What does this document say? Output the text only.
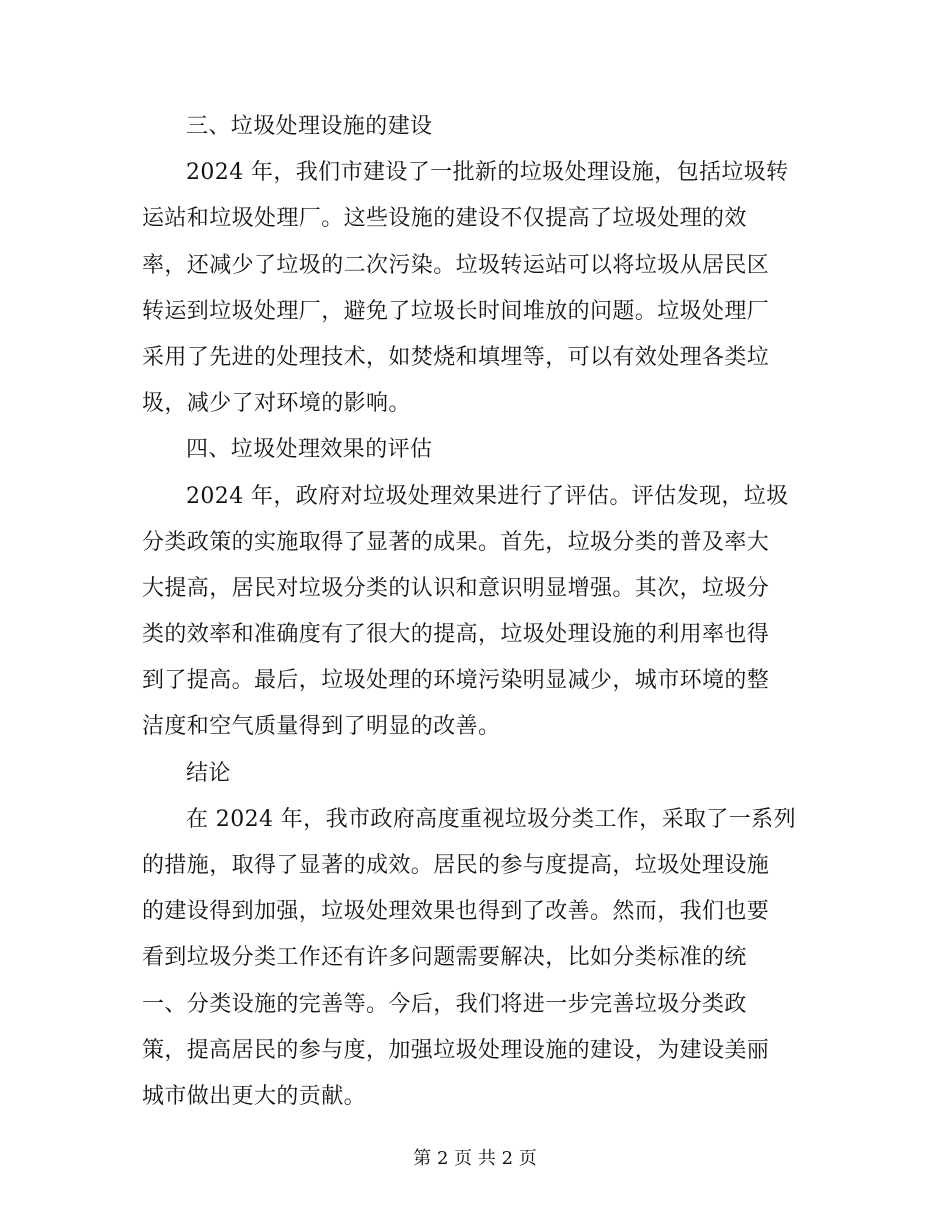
三、垃圾处理设施的建设
2024 年，我们市建设了一批新的垃圾处理设施，包括垃圾转
运站和垃圾处理厂。这些设施的建设不仅提高了垃圾处理的效
率，还减少了垃圾的二次污染。垃圾转运站可以将垃圾从居民区
转运到垃圾处理厂，避免了垃圾长时间堆放的问题。垃圾处理厂
采用了先进的处理技术，如焚烧和填埋等，可以有效处理各类垃
圾，减少了对环境的影响。
四、垃圾处理效果的评估
2024 年，政府对垃圾处理效果进行了评估。评估发现，垃圾
分类政策的实施取得了显著的成果。首先，垃圾分类的普及率大
大提高，居民对垃圾分类的认识和意识明显增强。其次，垃圾分
类的效率和准确度有了很大的提高，垃圾处理设施的利用率也得
到了提高。最后，垃圾处理的环境污染明显减少，城市环境的整
洁度和空气质量得到了明显的改善。
结论
在 2024 年，我市政府高度重视垃圾分类工作，采取了一系列
的措施，取得了显著的成效。居民的参与度提高，垃圾处理设施
的建设得到加强，垃圾处理效果也得到了改善。然而，我们也要
看到垃圾分类工作还有许多问题需要解决，比如分类标准的统
一、分类设施的完善等。今后，我们将进一步完善垃圾分类政
策，提高居民的参与度，加强垃圾处理设施的建设，为建设美丽
城市做出更大的贡献。
第 2 页 共 2 页
